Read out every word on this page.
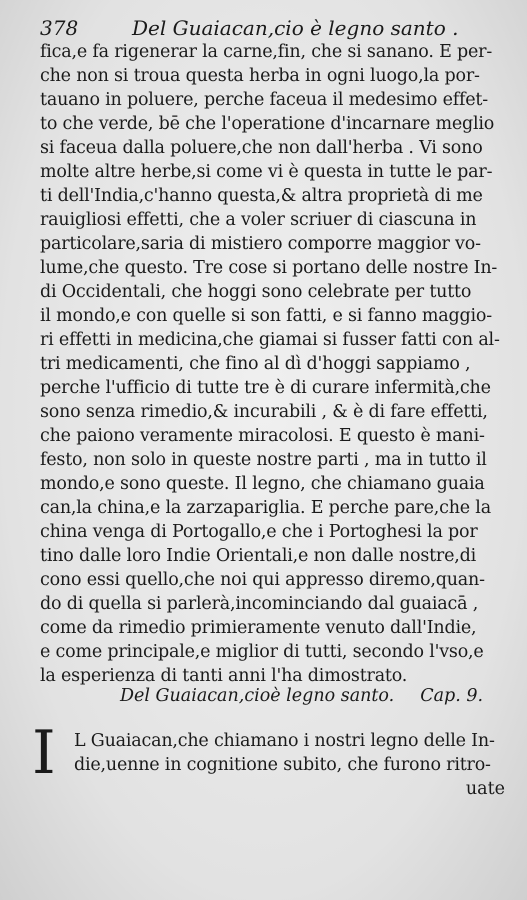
378	Del Guaiacan,cio è legno santo .
fica,e fa rigenerar la carne,fin, che si sanano. E per-
che non si troua questa herba in ogni luogo,la por-
tauano in poluere, perche faceua il medesimo effet-
to che verde, bē che l'operatione d'incarnare meglio
si faceua dalla poluere,che non dall'herba . Vi sono
molte altre herbe,si come vi è questa in tutte le par-
ti dell'India,c'hanno questa,& altra proprietà di me
rauigliosi effetti, che a voler scriuer di ciascuna in
particolare,saria di mistiero comporre maggior vo-
lume,che questo. Tre cose si portano delle nostre In-
di Occidentali, che hoggi sono celebrate per tutto
il mondo,e con quelle si son fatti, e si fanno maggio-
ri effetti in medicina,che giamai si fusser fatti con al-
tri medicamenti, che fino al dì d'hoggi sappiamo ,
perche l'ufficio di tutte tre è di curare infermità,che
sono senza rimedio,& incurabili , & è di fare effetti,
che paiono veramente miracolosi. E questo è mani-
festo, non solo in queste nostre parti , ma in tutto il
mondo,e sono queste. Il legno, che chiamano guaia
can,la china,e la zarzapariglia. E perche pare,che la
china venga di Portogallo,e che i Portoghesi la por
tino dalle loro Indie Orientali,e non dalle nostre,di
cono essi quello,che noi qui appresso diremo,quan-
do di quella si parlerà,incominciando dal guaiacā ,
come da rimedio primieramente venuto dall'Indie,
e come principale,e miglior di tutti, secondo l'vso,e
la esperienza di tanti anni l'ha dimostrato.
Del Guaiacan,cioè legno santo. Cap. 9.
I	L Guaiacan,che chiamano i nostri legno delle In-
die,uenne in cognitione subito, che furono ritro-
uate
